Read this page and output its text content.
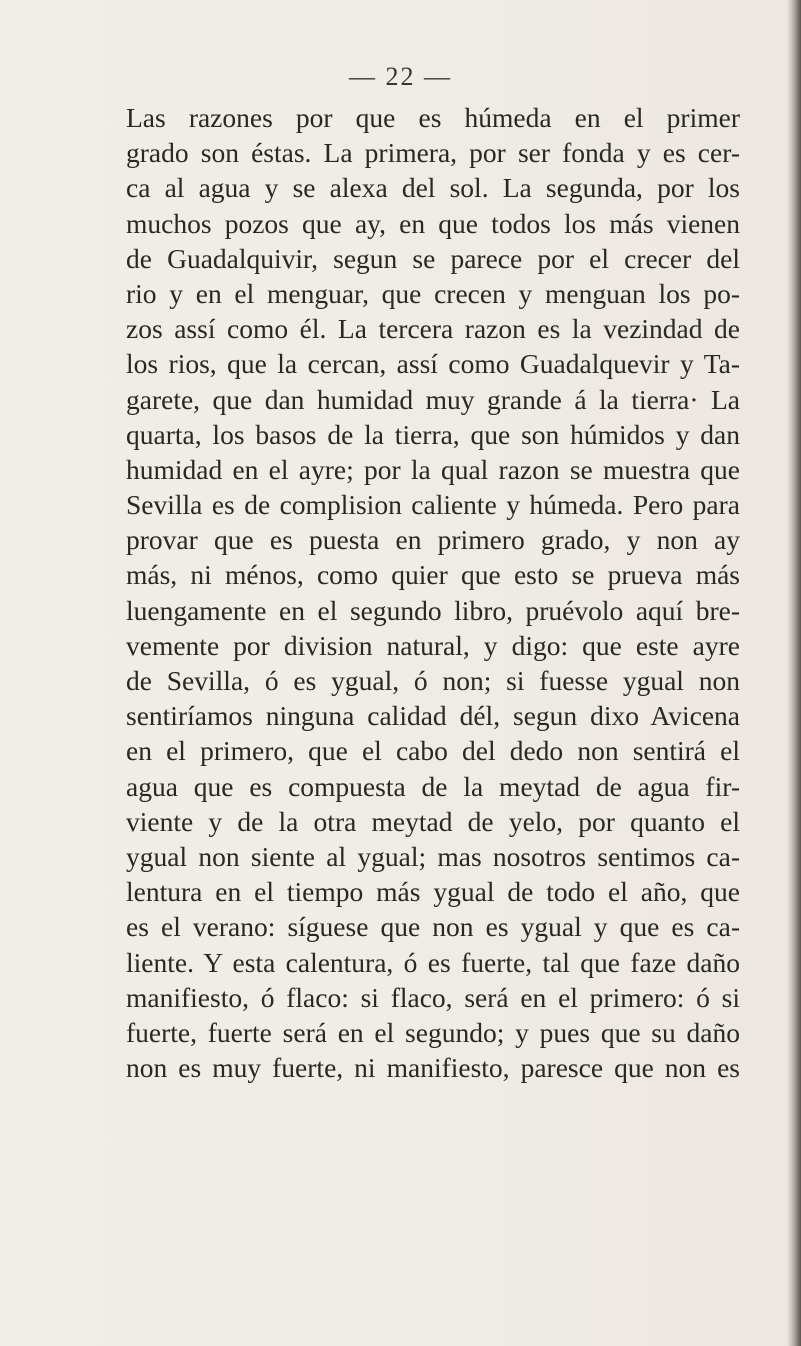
— 22 —
Las razones por que es húmeda en el primer
grado son éstas. La primera, por ser fonda y es cer-
ca al agua y se alexa del sol. La segunda, por los
muchos pozos que ay, en que todos los más vienen
de Guadalquivir, segun se parece por el crecer del
rio y en el menguar, que crecen y menguan los po-
zos assí como él. La tercera razon es la vezindad de
los rios, que la cercan, assí como Guadalquevir y Ta-
garete, que dan humidad muy grande á la tierra· La
quarta, los basos de la tierra, que son húmidos y dan
humidad en el ayre; por la qual razon se muestra que
Sevilla es de complision caliente y húmeda. Pero para
provar que es puesta en primero grado, y non ay
más, ni ménos, como quier que esto se prueva más
luengamente en el segundo libro, pruévolo aquí bre-
vemente por division natural, y digo: que este ayre
de Sevilla, ó es ygual, ó non; si fuesse ygual non
sentiríamos ninguna calidad dél, segun dixo Avicena
en el primero, que el cabo del dedo non sentirá el
agua que es compuesta de la meytad de agua fir-
viente y de la otra meytad de yelo, por quanto el
ygual non siente al ygual; mas nosotros sentimos ca-
lentura en el tiempo más ygual de todo el año, que
es el verano: síguese que non es ygual y que es ca-
liente. Y esta calentura, ó es fuerte, tal que faze daño
manifiesto, ó flaco: si flaco, será en el primero: ó si
fuerte, fuerte será en el segundo; y pues que su daño
non es muy fuerte, ni manifiesto, paresce que non es
